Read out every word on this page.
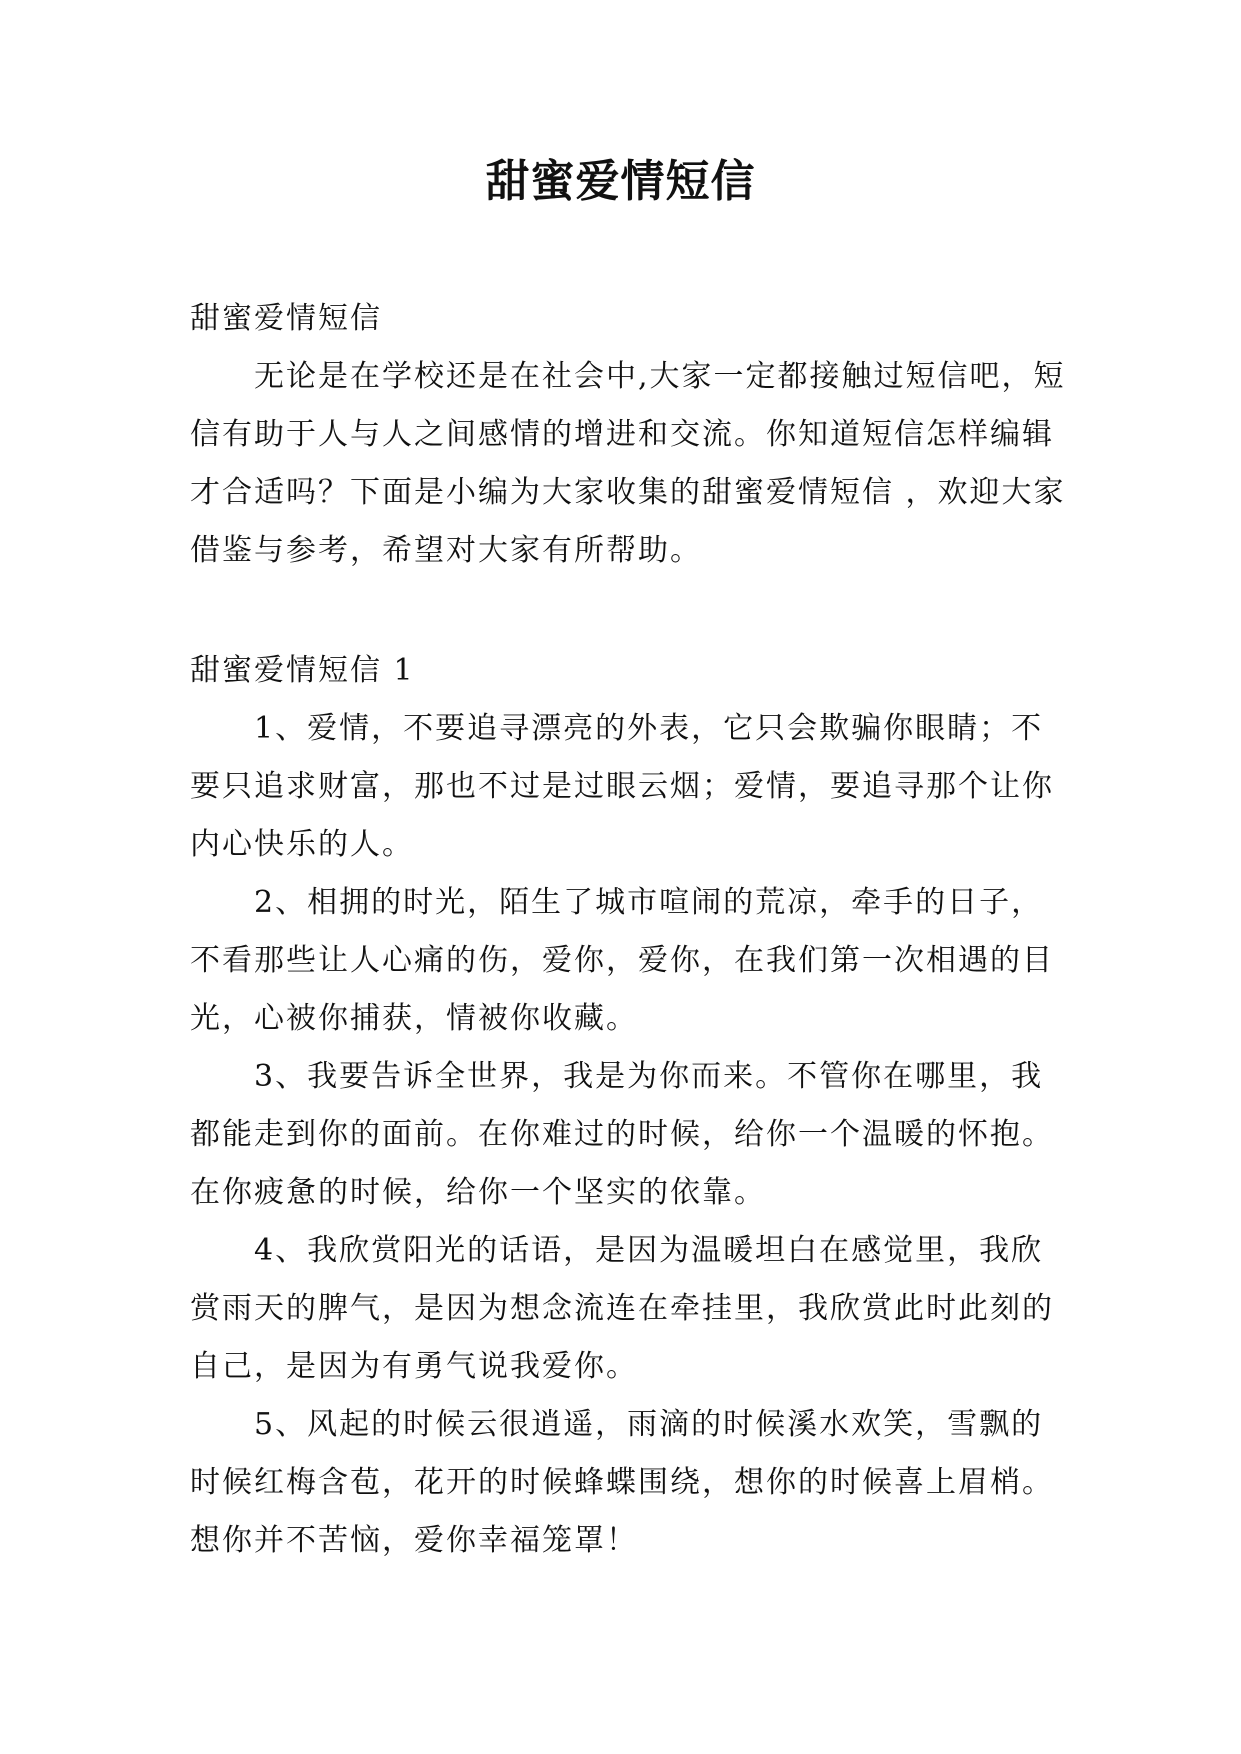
甜蜜爱情短信

甜蜜爱情短信

无论是在学校还是在社会中,大家一定都接触过短信吧，短信有助于人与人之间感情的增进和交流。你知道短信怎样编辑才合适吗？下面是小编为大家收集的甜蜜爱情短信 ，欢迎大家借鉴与参考，希望对大家有所帮助。

甜蜜爱情短信 1

1、爱情，不要追寻漂亮的外表，它只会欺骗你眼睛；不要只追求财富，那也不过是过眼云烟；爱情，要追寻那个让你内心快乐的人。

2、相拥的时光，陌生了城市喧闹的荒凉，牵手的日子，不看那些让人心痛的伤，爱你，爱你，在我们第一次相遇的目光，心被你捕获，情被你收藏。

3、我要告诉全世界，我是为你而来。不管你在哪里，我都能走到你的面前。在你难过的时候，给你一个温暖的怀抱。在你疲惫的时候，给你一个坚实的依靠。

4、我欣赏阳光的话语，是因为温暖坦白在感觉里，我欣赏雨天的脾气，是因为想念流连在牵挂里，我欣赏此时此刻的自己，是因为有勇气说我爱你。

5、风起的时候云很逍遥，雨滴的时候溪水欢笑，雪飘的时候红梅含苞，花开的时候蜂蝶围绕，想你的时候喜上眉梢。想你并不苦恼，爱你幸福笼罩！
